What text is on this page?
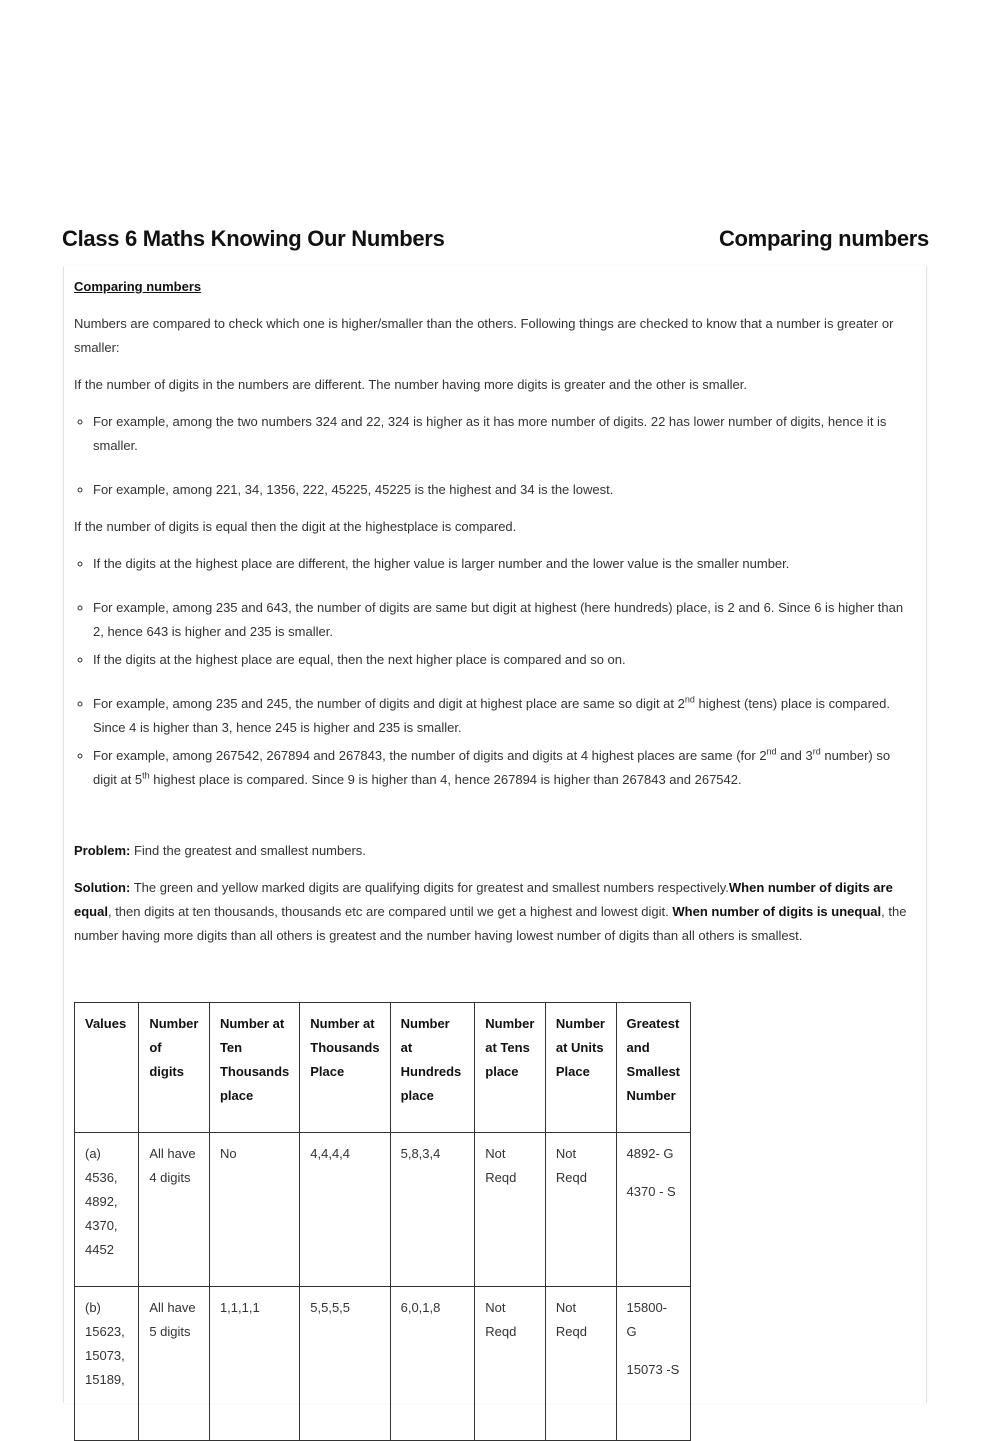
Class 6 Maths Knowing Our Numbers	Comparing numbers
Comparing numbers

Numbers are compared to check which one is higher/smaller than the others. Following things are checked to know that a number is greater or smaller:

If the number of digits in the numbers are different. The number having more digits is greater and the other is smaller.

◦ For example, among the two numbers 324 and 22, 324 is higher as it has more number of digits. 22 has lower number of digits, hence it is smaller.
◦ For example, among 221, 34, 1356, 222, 45225, 45225 is the highest and 34 is the lowest.

If the number of digits is equal then the digit at the highestplace is compared.

◦ If the digits at the highest place are different, the higher value is larger number and the lower value is the smaller number.
◦ For example, among 235 and 643, the number of digits are same but digit at highest (here hundreds) place, is 2 and 6. Since 6 is higher than 2, hence 643 is higher and 235 is smaller.
◦ If the digits at the highest place are equal, then the next higher place is compared and so on.
◦ For example, among 235 and 245, the number of digits and digit at highest place are same so digit at 2nd highest (tens) place is compared. Since 4 is higher than 3, hence 245 is higher and 235 is smaller.
◦ For example, among 267542, 267894 and 267843, the number of digits and digits at 4 highest places are same (for 2nd and 3rd number) so digit at 5th highest place is compared. Since 9 is higher than 4, hence 267894 is higher than 267843 and 267542.

Problem: Find the greatest and smallest numbers.

Solution: The green and yellow marked digits are qualifying digits for greatest and smallest numbers respectively.When number of digits are equal, then digits at ten thousands, thousands etc are compared until we get a highest and lowest digit. When number of digits is unequal, the number having more digits than all others is greatest and the number having lowest number of digits than all others is smallest.

Values	Number of digits	Number at Ten Thousands place	Number at Thousands Place	Number at Hundreds place	Number at Tens place	Number at Units Place	Greatest and Smallest Number
(a) 4536, 4892, 4370, 4452	All have 4 digits	No	4,4,4,4	5,8,3,4	Not Reqd	Not Reqd	4892- G
4370 - S

(b) 15623, 15073, 15189,	All have 5 digits	1,1,1,1	5,5,5,5	6,0,1,8	Not Reqd	Not Reqd	15800- G
15073 -S
